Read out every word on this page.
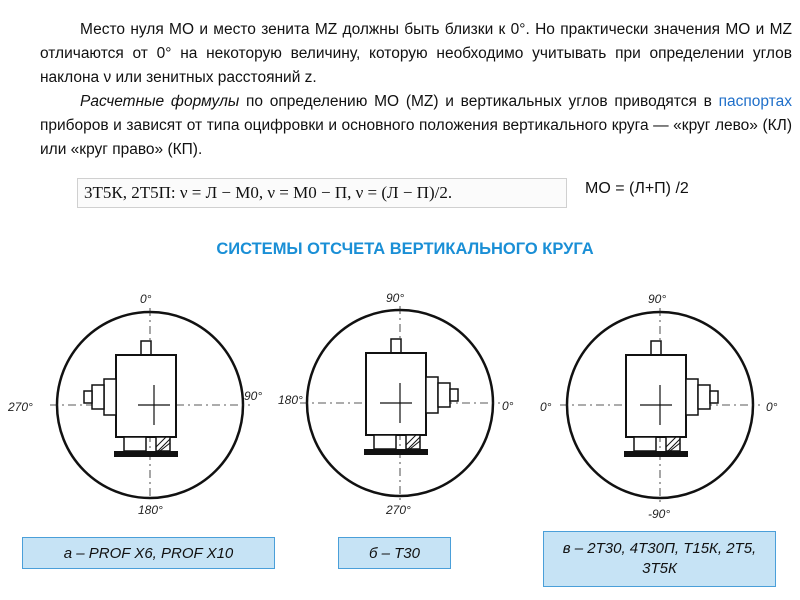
Место нуля МО и место зенита MZ должны быть близки к 0°. Но практически значения МО и MZ отличаются от 0° на некоторую величину, которую необходимо учитывать при определении углов наклона ν или зенитных расстояний z.

Расчетные формулы по определению МО (MZ) и вертикальных углов приводятся в паспортах приборов и зависят от типа оцифровки и основного положения вертикального круга — «круг лево» (КЛ) или «круг право» (КП).

3Т5К, 2Т5П: ν = Л − М0, ν = М0 − П, ν = (Л − П)/2.	МО = (Л+П) /2
СИСТЕМЫ ОТСЧЕТА ВЕРТИКАЛЬНОГО КРУГА
0°
90°
180°
270°
90°
0°
270°
180°
90°
0°
-90°
0°
а – PROF X6, PROF X10	б – Т30	в – 2Т30, 4Т30П, Т15К, 2Т5, 3Т5К
